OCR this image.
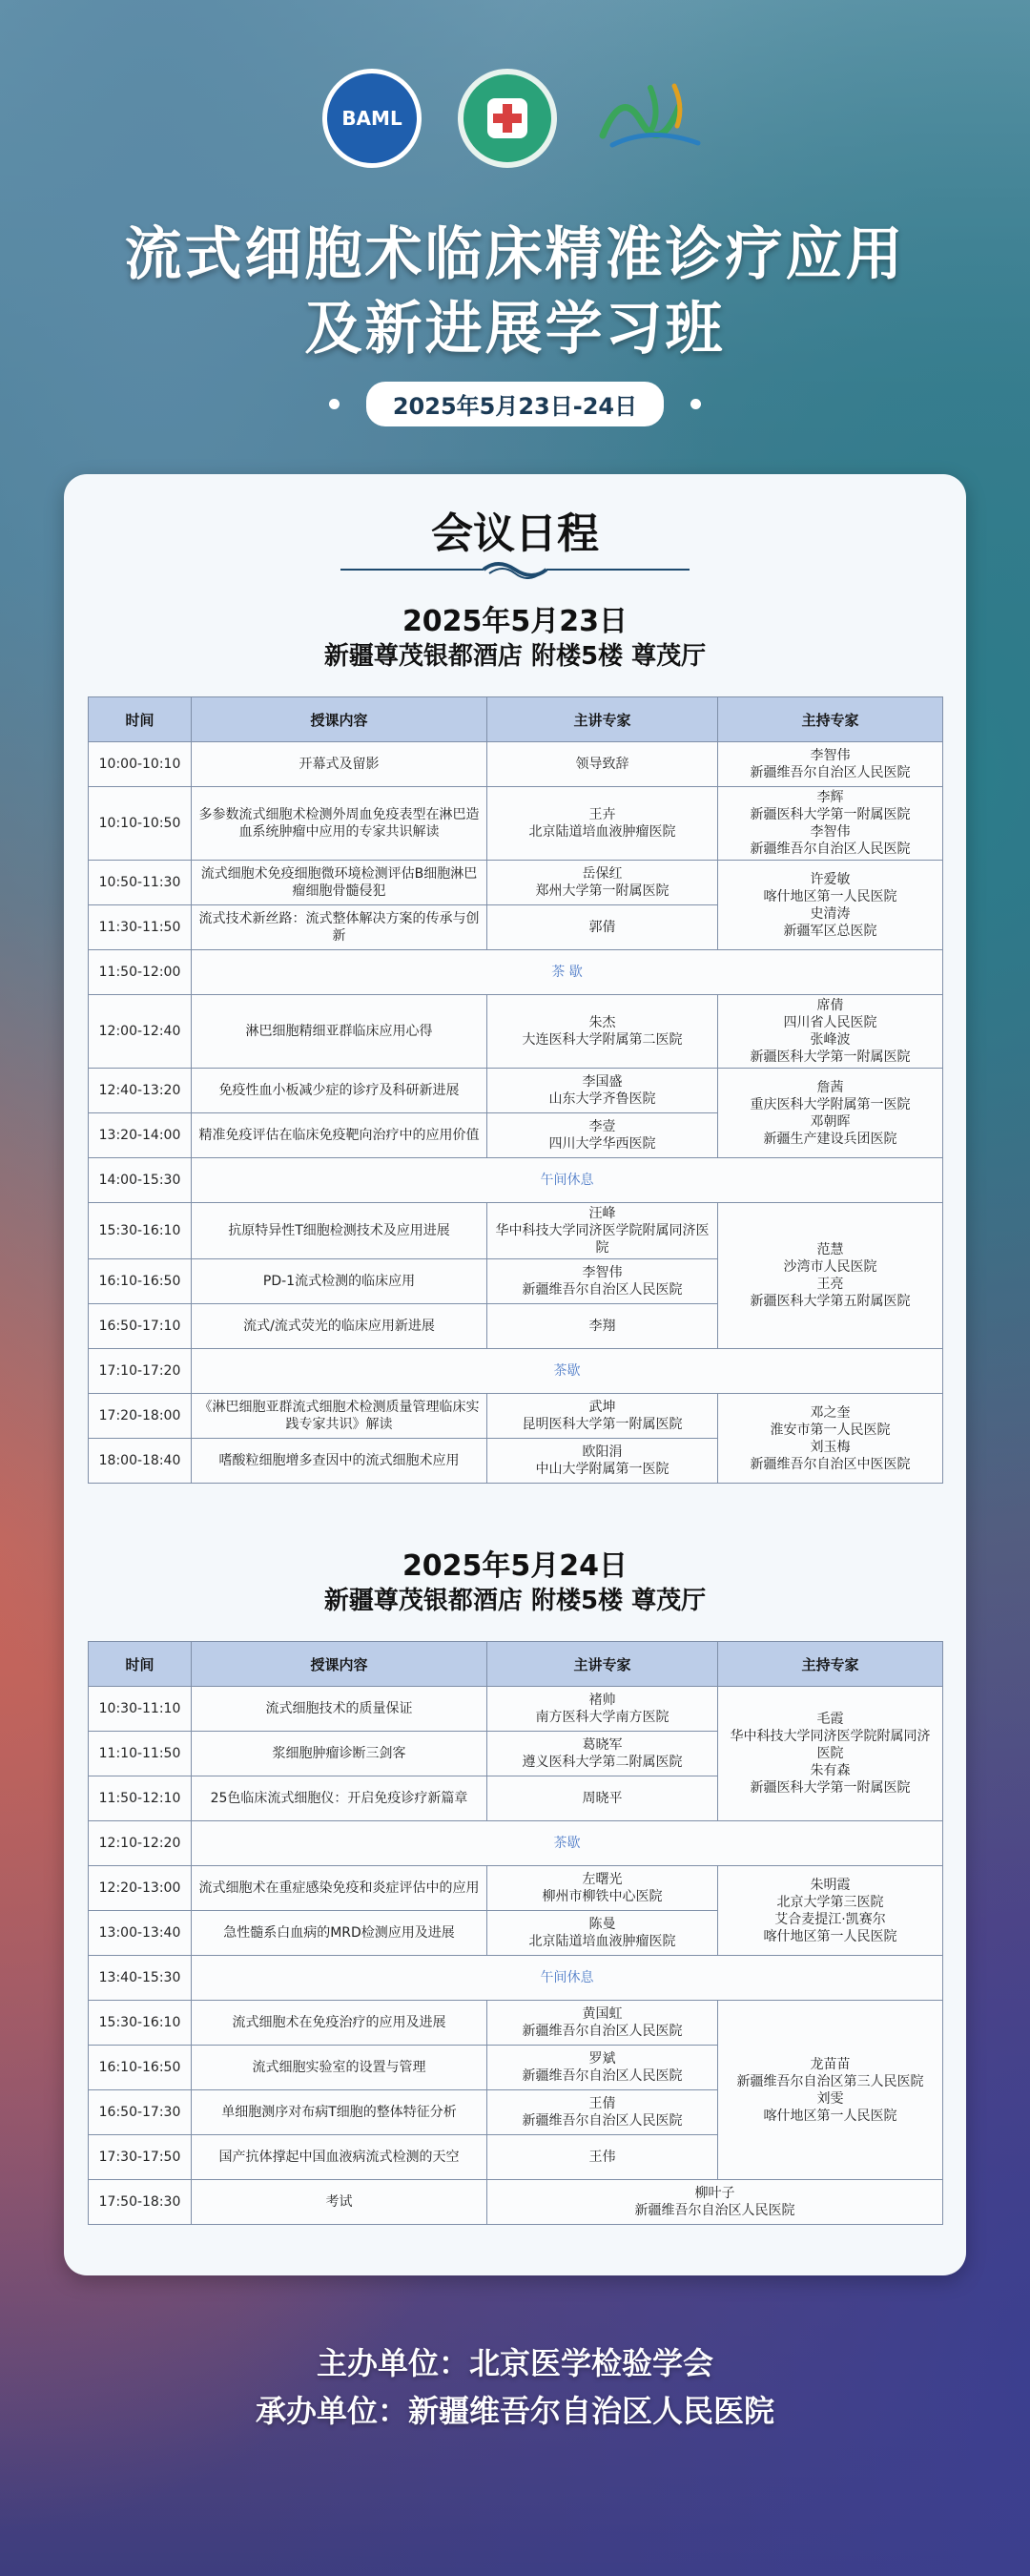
BAML
流式细胞术临床精准诊疗应用
及新进展学习班
2025年5月23日-24日
会议日程
2025年5月23日
新疆尊茂银都酒店 附楼5楼 尊茂厅
时间	授课内容	主讲专家	主持专家

10:00-10:10	开幕式及留影	领导致辞	李智伟
新疆维吾尔自治区人民医院

10:10-10:50	多参数流式细胞术检测外周血免疫表型在淋巴造血系统肿瘤中应用的专家共识解读	王卉
北京陆道培血液肿瘤医院	李辉
新疆医科大学第一附属医院
李智伟
新疆维吾尔自治区人民医院

10:50-11:30	流式细胞术免疫细胞微环境检测评估B细胞淋巴瘤细胞骨髓侵犯	岳保红
郑州大学第一附属医院	许爱敏
喀什地区第一人民医院
史清涛
新疆军区总医院

11:30-11:50	流式技术新丝路：流式整体解决方案的传承与创新	郭倩	

11:50-12:00	茶 歇		

12:00-12:40	淋巴细胞精细亚群临床应用心得	朱杰
大连医科大学附属第二医院	席倩
四川省人民医院
张峰波
新疆医科大学第一附属医院

12:40-13:20	免疫性血小板减少症的诊疗及科研新进展	李国盛
山东大学齐鲁医院	詹茜
重庆医科大学附属第一医院
邓朝晖
新疆生产建设兵团医院

13:20-14:00	精准免疫评估在临床免疫靶向治疗中的应用价值	李壹
四川大学华西医院	

14:00-15:30	午间休息		

15:30-16:10	抗原特异性T细胞检测技术及应用进展	汪峰
华中科技大学同济医学院附属同济医院	范慧
沙湾市人民医院
王亮
新疆医科大学第五附属医院

16:10-16:50	PD-1流式检测的临床应用	李智伟
新疆维吾尔自治区人民医院	

16:50-17:10	流式/流式荧光的临床应用新进展	李翔	

17:10-17:20	茶歇		

17:20-18:00	《淋巴细胞亚群流式细胞术检测质量管理临床实践专家共识》解读	武坤
昆明医科大学第一附属医院	邓之奎
淮安市第一人民医院
刘玉梅
新疆维吾尔自治区中医医院

18:00-18:40	嗜酸粒细胞增多查因中的流式细胞术应用	欧阳涓
中山大学附属第一医院	
2025年5月24日
新疆尊茂银都酒店 附楼5楼 尊茂厅
时间	授课内容	主讲专家	主持专家

10:30-11:10	流式细胞技术的质量保证	褚帅
南方医科大学南方医院	毛霞
华中科技大学同济医学院附属同济医院
朱有森
新疆医科大学第一附属医院

11:10-11:50	浆细胞肿瘤诊断三剑客	葛晓军
遵义医科大学第二附属医院	

11:50-12:10	25色临床流式细胞仪：开启免疫诊疗新篇章	周晓平	

12:10-12:20	茶歇		

12:20-13:00	流式细胞术在重症感染免疫和炎症评估中的应用	左曙光
柳州市柳铁中心医院	朱明霞
北京大学第三医院
艾合麦提江·凯赛尔
喀什地区第一人民医院

13:00-13:40	急性髓系白血病的MRD检测应用及进展	陈曼
北京陆道培血液肿瘤医院	

13:40-15:30	午间休息		

15:30-16:10	流式细胞术在免疫治疗的应用及进展	黄国虹
新疆维吾尔自治区人民医院	龙苗苗
新疆维吾尔自治区第三人民医院
刘雯
喀什地区第一人民医院

16:10-16:50	流式细胞实验室的设置与管理	罗斌
新疆维吾尔自治区人民医院	

16:50-17:30	单细胞测序对布病T细胞的整体特征分析	王倩
新疆维吾尔自治区人民医院	

17:30-17:50	国产抗体撑起中国血液病流式检测的天空	王伟	

17:50-18:30	考试	柳叶子
新疆维吾尔自治区人民医院	
主办单位：北京医学检验学会
承办单位：新疆维吾尔自治区人民医院
